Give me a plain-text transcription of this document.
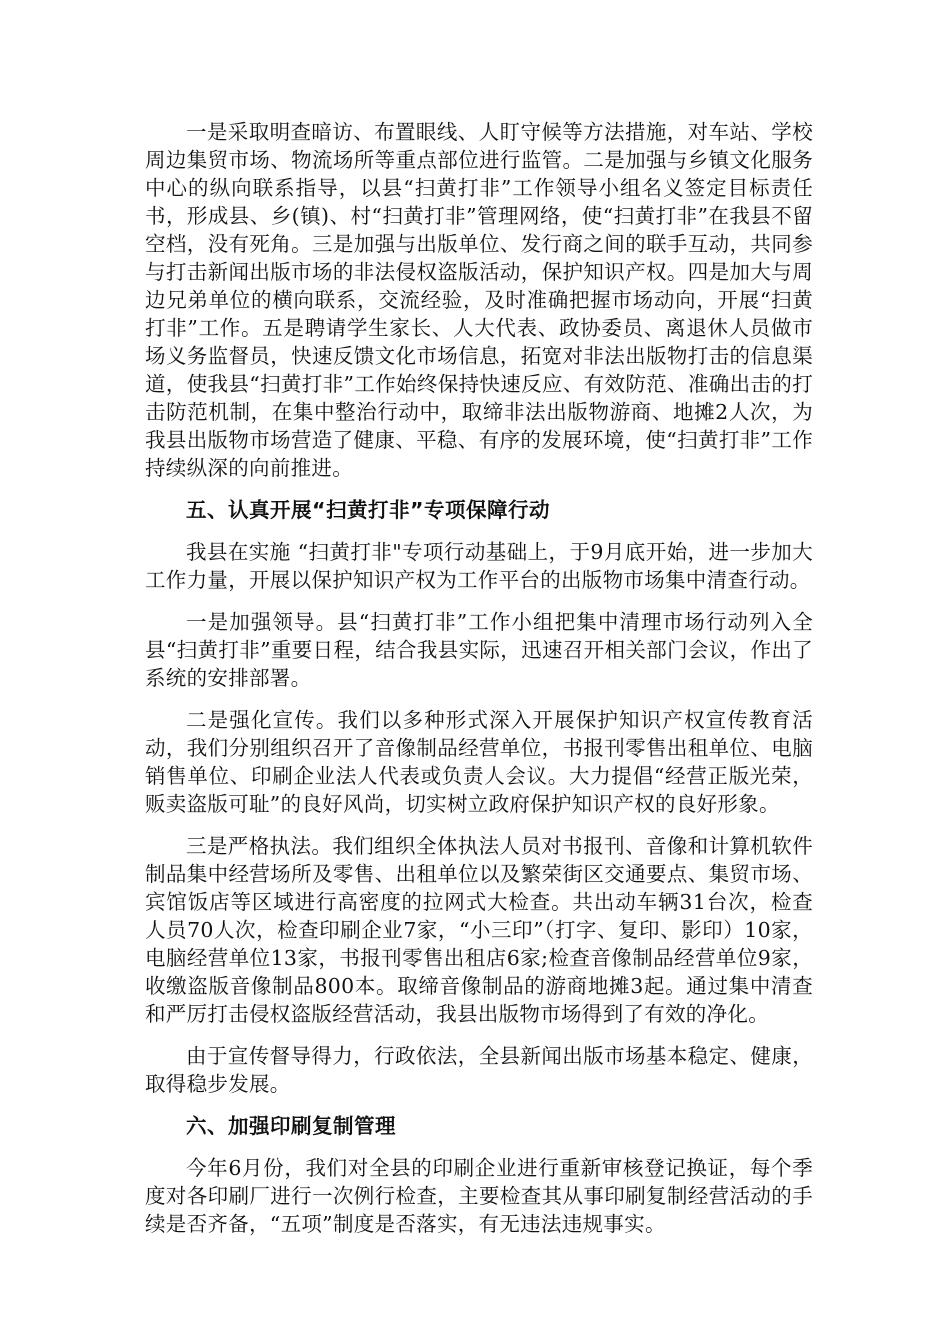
一是采取明查暗访、布置眼线、人盯守候等方法措施，对车站、学校周边集贸市场、物流场所等重点部位进行监管。二是加强与乡镇文化服务中心的纵向联系指导，以县“扫黄打非”工作领导小组名义签定目标责任书，形成县、乡(镇)、村“扫黄打非”管理网络，使“扫黄打非”在我县不留空档，没有死角。三是加强与出版单位、发行商之间的联手互动，共同参与打击新闻出版市场的非法侵权盗版活动，保护知识产权。四是加大与周边兄弟单位的横向联系，交流经验，及时准确把握市场动向，开展“扫黄打非”工作。五是聘请学生家长、人大代表、政协委员、离退休人员做市场义务监督员，快速反馈文化市场信息，拓宽对非法出版物打击的信息渠道，使我县“扫黄打非”工作始终保持快速反应、有效防范、准确出击的打击防范机制，在集中整治行动中，取缔非法出版物游商、地摊2人次，为我县出版物市场营造了健康、平稳、有序的发展环境，使“扫黄打非”工作持续纵深的向前推进。

五、认真开展“扫黄打非”专项保障行动

我县在实施 “扫黄打非"专项行动基础上，于9月底开始，进一步加大工作力量，开展以保护知识产权为工作平台的出版物市场集中清查行动。

一是加强领导。县“扫黄打非”工作小组把集中清理市场行动列入全县“扫黄打非”重要日程，结合我县实际，迅速召开相关部门会议，作出了系统的安排部署。

二是强化宣传。我们以多种形式深入开展保护知识产权宣传教育活动，我们分别组织召开了音像制品经营单位，书报刊零售出租单位、电脑销售单位、印刷企业法人代表或负责人会议。大力提倡“经营正版光荣，贩卖盗版可耻”的良好风尚，切实树立政府保护知识产权的良好形象。

三是严格执法。我们组织全体执法人员对书报刊、音像和计算机软件制品集中经营场所及零售、出租单位以及繁荣街区交通要点、集贸市场、宾馆饭店等区域进行高密度的拉网式大检查。共出动车辆31台次，检查人员70人次，检查印刷企业7家，“小三印”（打字、复印、影印）10家，电脑经营单位13家，书报刊零售出租店6家;检查音像制品经营单位9家，收缴盗版音像制品800本。取缔音像制品的游商地摊3起。通过集中清查和严厉打击侵权盗版经营活动，我县出版物市场得到了有效的净化。

由于宣传督导得力，行政依法，全县新闻出版市场基本稳定、健康，取得稳步发展。

六、加强印刷复制管理

今年6月份，我们对全县的印刷企业进行重新审核登记换证，每个季度对各印刷厂进行一次例行检查，主要检查其从事印刷复制经营活动的手续是否齐备，“五项”制度是否落实，有无违法违规事实。
